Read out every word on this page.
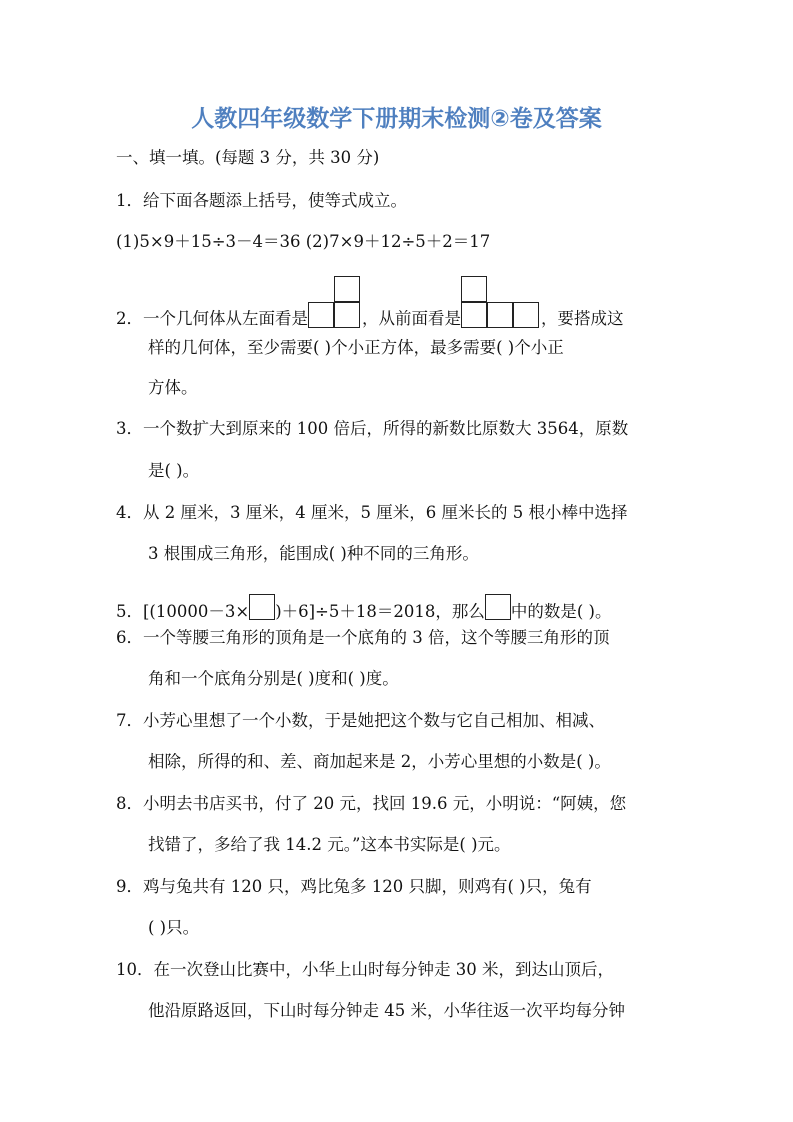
人教四年级数学下册期末检测②卷及答案
一、填一填。(每题 3 分，共 30 分)
1．给下面各题添上括号，使等式成立。
(1)5×9＋15÷3－4＝36 (2)7×9＋12÷5＋2＝17
2．一个几何体从左面看是	，从前面看是	，要搭成这
样的几何体，至少需要( )个小正方体，最多需要( )个小正
方体。
3．一个数扩大到原来的 100 倍后，所得的新数比原数大 3564，原数
是( )。
4．从 2 厘米，3 厘米，4 厘米，5 厘米，6 厘米长的 5 根小棒中选择
3 根围成三角形，能围成( )种不同的三角形。
5．[(10000－3× )＋6]÷5＋18＝2018，那么 中的数是( )。
6．一个等腰三角形的顶角是一个底角的 3 倍，这个等腰三角形的顶
角和一个底角分别是( )度和( )度。
7．小芳心里想了一个小数，于是她把这个数与它自己相加、相减、
相除，所得的和、差、商加起来是 2，小芳心里想的小数是( )。
8．小明去书店买书，付了 20 元，找回 19.6 元，小明说：“阿姨，您
找错了，多给了我 14.2 元。”这本书实际是( )元。
9．鸡与兔共有 120 只，鸡比兔多 120 只脚，则鸡有( )只，兔有
( )只。
10．在一次登山比赛中，小华上山时每分钟走 30 米，到达山顶后，
他沿原路返回，下山时每分钟走 45 米，小华往返一次平均每分钟
